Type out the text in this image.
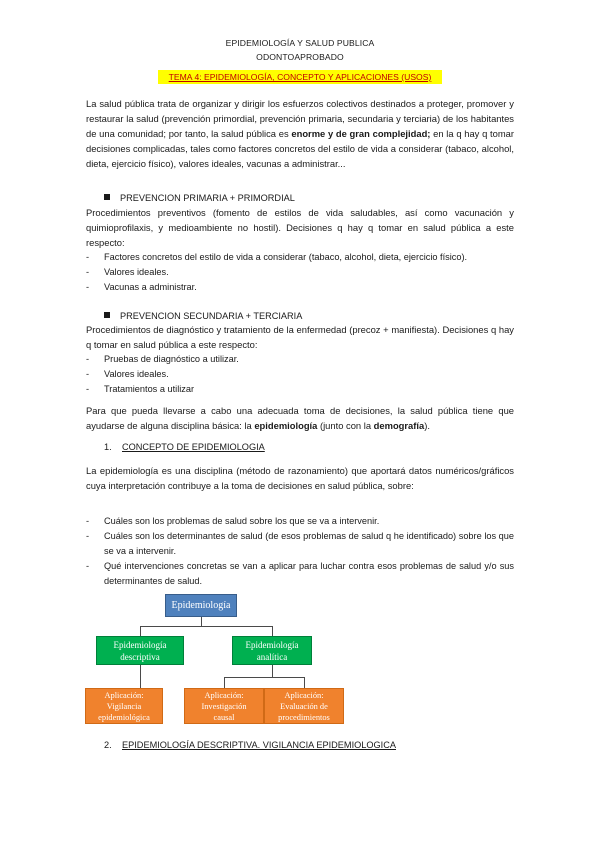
EPIDEMIOLOGÍA Y SALUD PUBLICA
ODONTOAPROBADO
TEMA 4: EPIDEMIOLOGÍA, CONCEPTO Y APLICACIONES (USOS)

La salud pública trata de organizar y dirigir los esfuerzos colectivos destinados a proteger, promover y restaurar la salud (prevención primordial, prevención primaria, secundaria y terciaria) de los habitantes de una comunidad; por tanto, la salud pública es enorme y de gran complejidad; en la q hay q tomar decisiones complicadas, tales como factores concretos del estilo de vida a considerar (tabaco, alcohol, dieta, ejercicio físico), valores ideales, vacunas a administrar...

PREVENCION PRIMARIA + PRIMORDIAL

Procedimientos preventivos (fomento de estilos de vida saludables, así como vacunación y quimioprofilaxis, y medioambiente no hostil). Decisiones q hay q tomar en salud pública a este respecto:

- Factores concretos del estilo de vida a considerar (tabaco, alcohol, dieta, ejercicio físico).
- Valores ideales.
- Vacunas a administrar.
PREVENCION SECUNDARIA + TERCIARIA

Procedimientos de diagnóstico y tratamiento de la enfermedad (precoz + manifiesta). Decisiones q hay q tomar en salud pública a este respecto:

- Pruebas de diagnóstico a utilizar.
- Valores ideales.
- Tratamientos a utilizar

Para que pueda llevarse a cabo una adecuada toma de decisiones, la salud pública tiene que ayudarse de alguna disciplina básica: la epidemiología (junto con la demografía).

1. CONCEPTO DE EPIDEMIOLOGIA

La epidemiología es una disciplina (método de razonamiento) que aportará datos numéricos/gráficos cuya interpretación contribuye a la toma de decisiones en salud pública, sobre:

- Cuáles son los problemas de salud sobre los que se va a intervenir.
- Cuáles son los determinantes de salud (de esos problemas de salud q he identificado) sobre los que se va a intervenir.
- Qué intervenciones concretas se van a aplicar para luchar contra esos problemas de salud y/o sus determinantes de salud.
Epidemiología
Epidemiología
descriptiva
Epidemiología
analítica
Aplicación:
Vigilancia
epidemiológica
Aplicación:
Investigación
causal
Aplicación:
Evaluación de
procedimientos
2. EPIDEMIOLOGÍA DESCRIPTIVA. VIGILANCIA EPIDEMIOLOGICA
